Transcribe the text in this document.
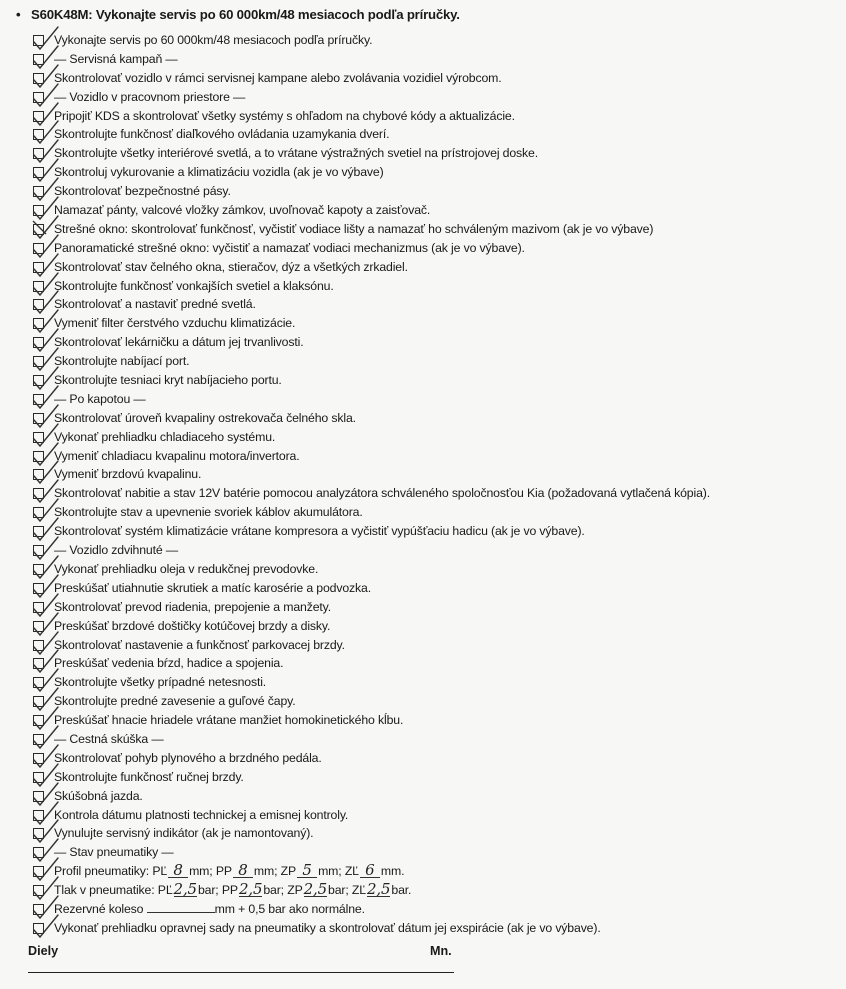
• S60K48M: Vykonajte servis po 60 000km/48 mesiacoch podľa príručky.
Vykonajte servis po 60 000km/48 mesiacoch podľa príručky.
— Servisná kampaň —
Skontrolovať vozidlo v rámci servisnej kampane alebo zvolávania vozidiel výrobcom.
— Vozidlo v pracovnom priestore —
Pripojiť KDS a skontrolovať všetky systémy s ohľadom na chybové kódy a aktualizácie.
Skontrolujte funkčnosť diaľkového ovládania uzamykania dverí.
Skontrolujte všetky interiérové svetlá, a to vrátane výstražných svetiel na prístrojovej doske.
Skontroluj vykurovanie a klimatizáciu vozidla (ak je vo výbave)
Skontrolovať bezpečnostné pásy.
Namazať pánty, valcové vložky zámkov, uvoľnovač kapoty a zaisťovač.
Strešné okno: skontrolovať funkčnosť, vyčistiť vodiace lišty a namazať ho schváleným mazivom (ak je vo výbave)
Panoramatické strešné okno: vyčistiť a namazať vodiaci mechanizmus (ak je vo výbave).
Skontrolovať stav čelného okna, stieračov, dýz a všetkých zrkadiel.
Skontrolujte funkčnosť vonkajších svetiel a klaksónu.
Skontrolovať a nastaviť predné svetlá.
Vymeniť filter čerstvého vzduchu klimatizácie.
Skontrolovať lekárničku a dátum jej trvanlivosti.
Skontrolujte nabíjací port.
Skontrolujte tesniaci kryt nabíjacieho portu.
— Po kapotou —
Skontrolovať úroveň kvapaliny ostrekovača čelného skla.
Vykonať prehliadku chladiaceho systému.
Vymeniť chladiacu kvapalinu motora/invertora.
Vymeniť brzdovú kvapalinu.
Skontrolovať nabitie a stav 12V batérie pomocou analyzátora schváleného spoločnosťou Kia (požadovaná vytlačená kópia).
Skontrolujte stav a upevnenie svoriek káblov akumulátora.
Skontrolovať systém klimatizácie vrátane kompresora a vyčistiť vypúšťaciu hadicu (ak je vo výbave).
— Vozidlo zdvihnuté —
Vykonať prehliadku oleja v redukčnej prevodovke.
Preskúšať utiahnutie skrutiek a matíc karosérie a podvozka.
Skontrolovať prevod riadenia, prepojenie a manžety.
Preskúšať brzdové doštičky kotúčovej brzdy a disky.
Skontrolovať nastavenie a funkčnosť parkovacej brzdy.
Preskúšať vedenia bŕzd, hadice a spojenia.
Skontrolujte všetky prípadné netesnosti.
Skontrolujte predné zavesenie a guľové čapy.
Preskúšať hnacie hriadele vrátane manžiet homokinetického kĺbu.
— Cestná skúška —
Skontrolovať pohyb plynového a brzdného pedála.
Skontrolujte funkčnosť ručnej brzdy.
Skúšobná jazda.
Kontrola dátumu platnosti technickej a emisnej kontroly.
Vynulujte servisný indikátor (ak je namontovaný).
— Stav pneumatiky —
Profil pneumatiky: PĽ 8 mm; PP 8 mm; ZP 5 mm; ZĽ 6 mm.
Tlak v pneumatike: PĽ2,5bar; PP2,5bar; ZP2,5bar; ZĽ2,5bar.
Rezervné koleso	mm + 0,5 bar ako normálne.
Vykonať prehliadku opravnej sady na pneumatiky a skontrolovať dátum jej exspirácie (ak je vo výbave).
Diely	Mn.
